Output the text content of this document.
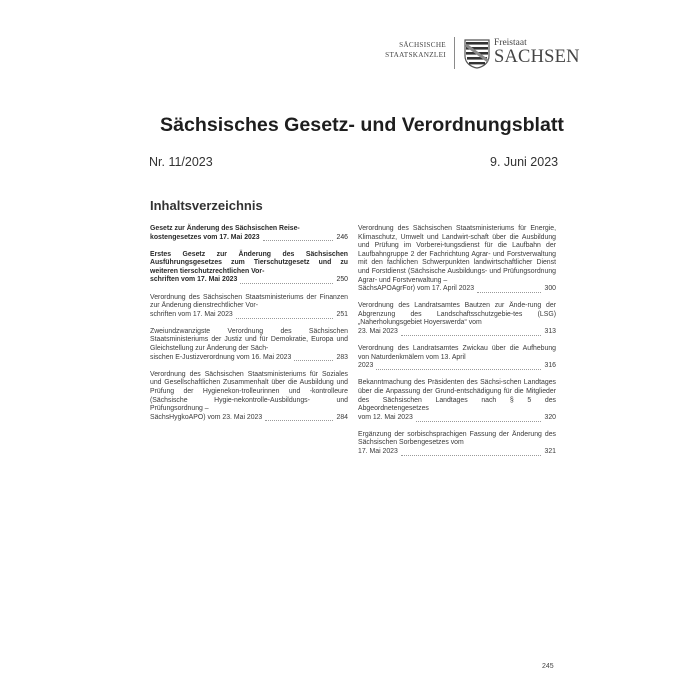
SÄCHSISCHE
STAATSKANZLEI
Freistaat
SACHSEN
Sächsisches Gesetz- und Verordnungsblatt
Nr. 11/2023	9. Juni 2023
Inhaltsverzeichnis
Gesetz zur Änderung des Sächsischen Reise-
kostengesetzes vom 17. Mai 2023	246
Erstes Gesetz zur Änderung des Sächsischen Ausführungsgesetzes zum Tierschutzgesetz und zu weiteren tierschutzrechtlichen Vor-
schriften vom 17. Mai 2023	250
Verordnung des Sächsischen Staatsministeriums der Finanzen zur Änderung dienstrechtlicher Vor-
schriften vom 17. Mai 2023	251
Zweiundzwanzigste Verordnung des Sächsischen Staatsministeriums der Justiz und für Demokratie, Europa und Gleichstellung zur Änderung der Säch-
sischen E-Justizverordnung vom 16. Mai 2023	283
Verordnung des Sächsischen Staatsministeriums für Soziales und Gesellschaftlichen Zusammenhalt über die Ausbildung und Prüfung der Hygienekon-trolleurinnen und -kontrolleure (Sächsische Hygie-nekontrolle-Ausbildungs- und Prüfungsordnung –
SächsHygkoAPO) vom 23. Mai 2023	284
Verordnung des Sächsischen Staatsministeriums für Energie, Klimaschutz, Umwelt und Landwirt-schaft über die Ausbildung und Prüfung im Vorberei-tungsdienst für die Laufbahn der Laufbahngruppe 2 der Fachrichtung Agrar- und Forstverwaltung mit den fachlichen Schwerpunkten landwirtschaftlicher Dienst und Forstdienst (Sächsische Ausbildungs- und Prüfungsordnung Agrar- und Forstverwaltung –
SächsAPOAgrFor) vom 17. April 2023	300
Verordnung des Landratsamtes Bautzen zur Ände-rung der Abgrenzung des Landschaftsschutzgebie-tes (LSG) „Naherholungsgebiet Hoyerswerda“ vom
23. Mai 2023	313
Verordnung des Landratsamtes Zwickau über die Aufhebung von Naturdenkmälern vom 13. April
2023	316
Bekanntmachung des Präsidenten des Sächsi-schen Landtages über die Anpassung der Grund-entschädigung für die Mitglieder des Sächsischen Landtages nach § 5 des Abgeordnetengesetzes
vom 12. Mai 2023	320
Ergänzung der sorbischsprachigen Fassung der Änderung des Sächsischen Sorbengesetzes vom
17. Mai 2023	321
245
